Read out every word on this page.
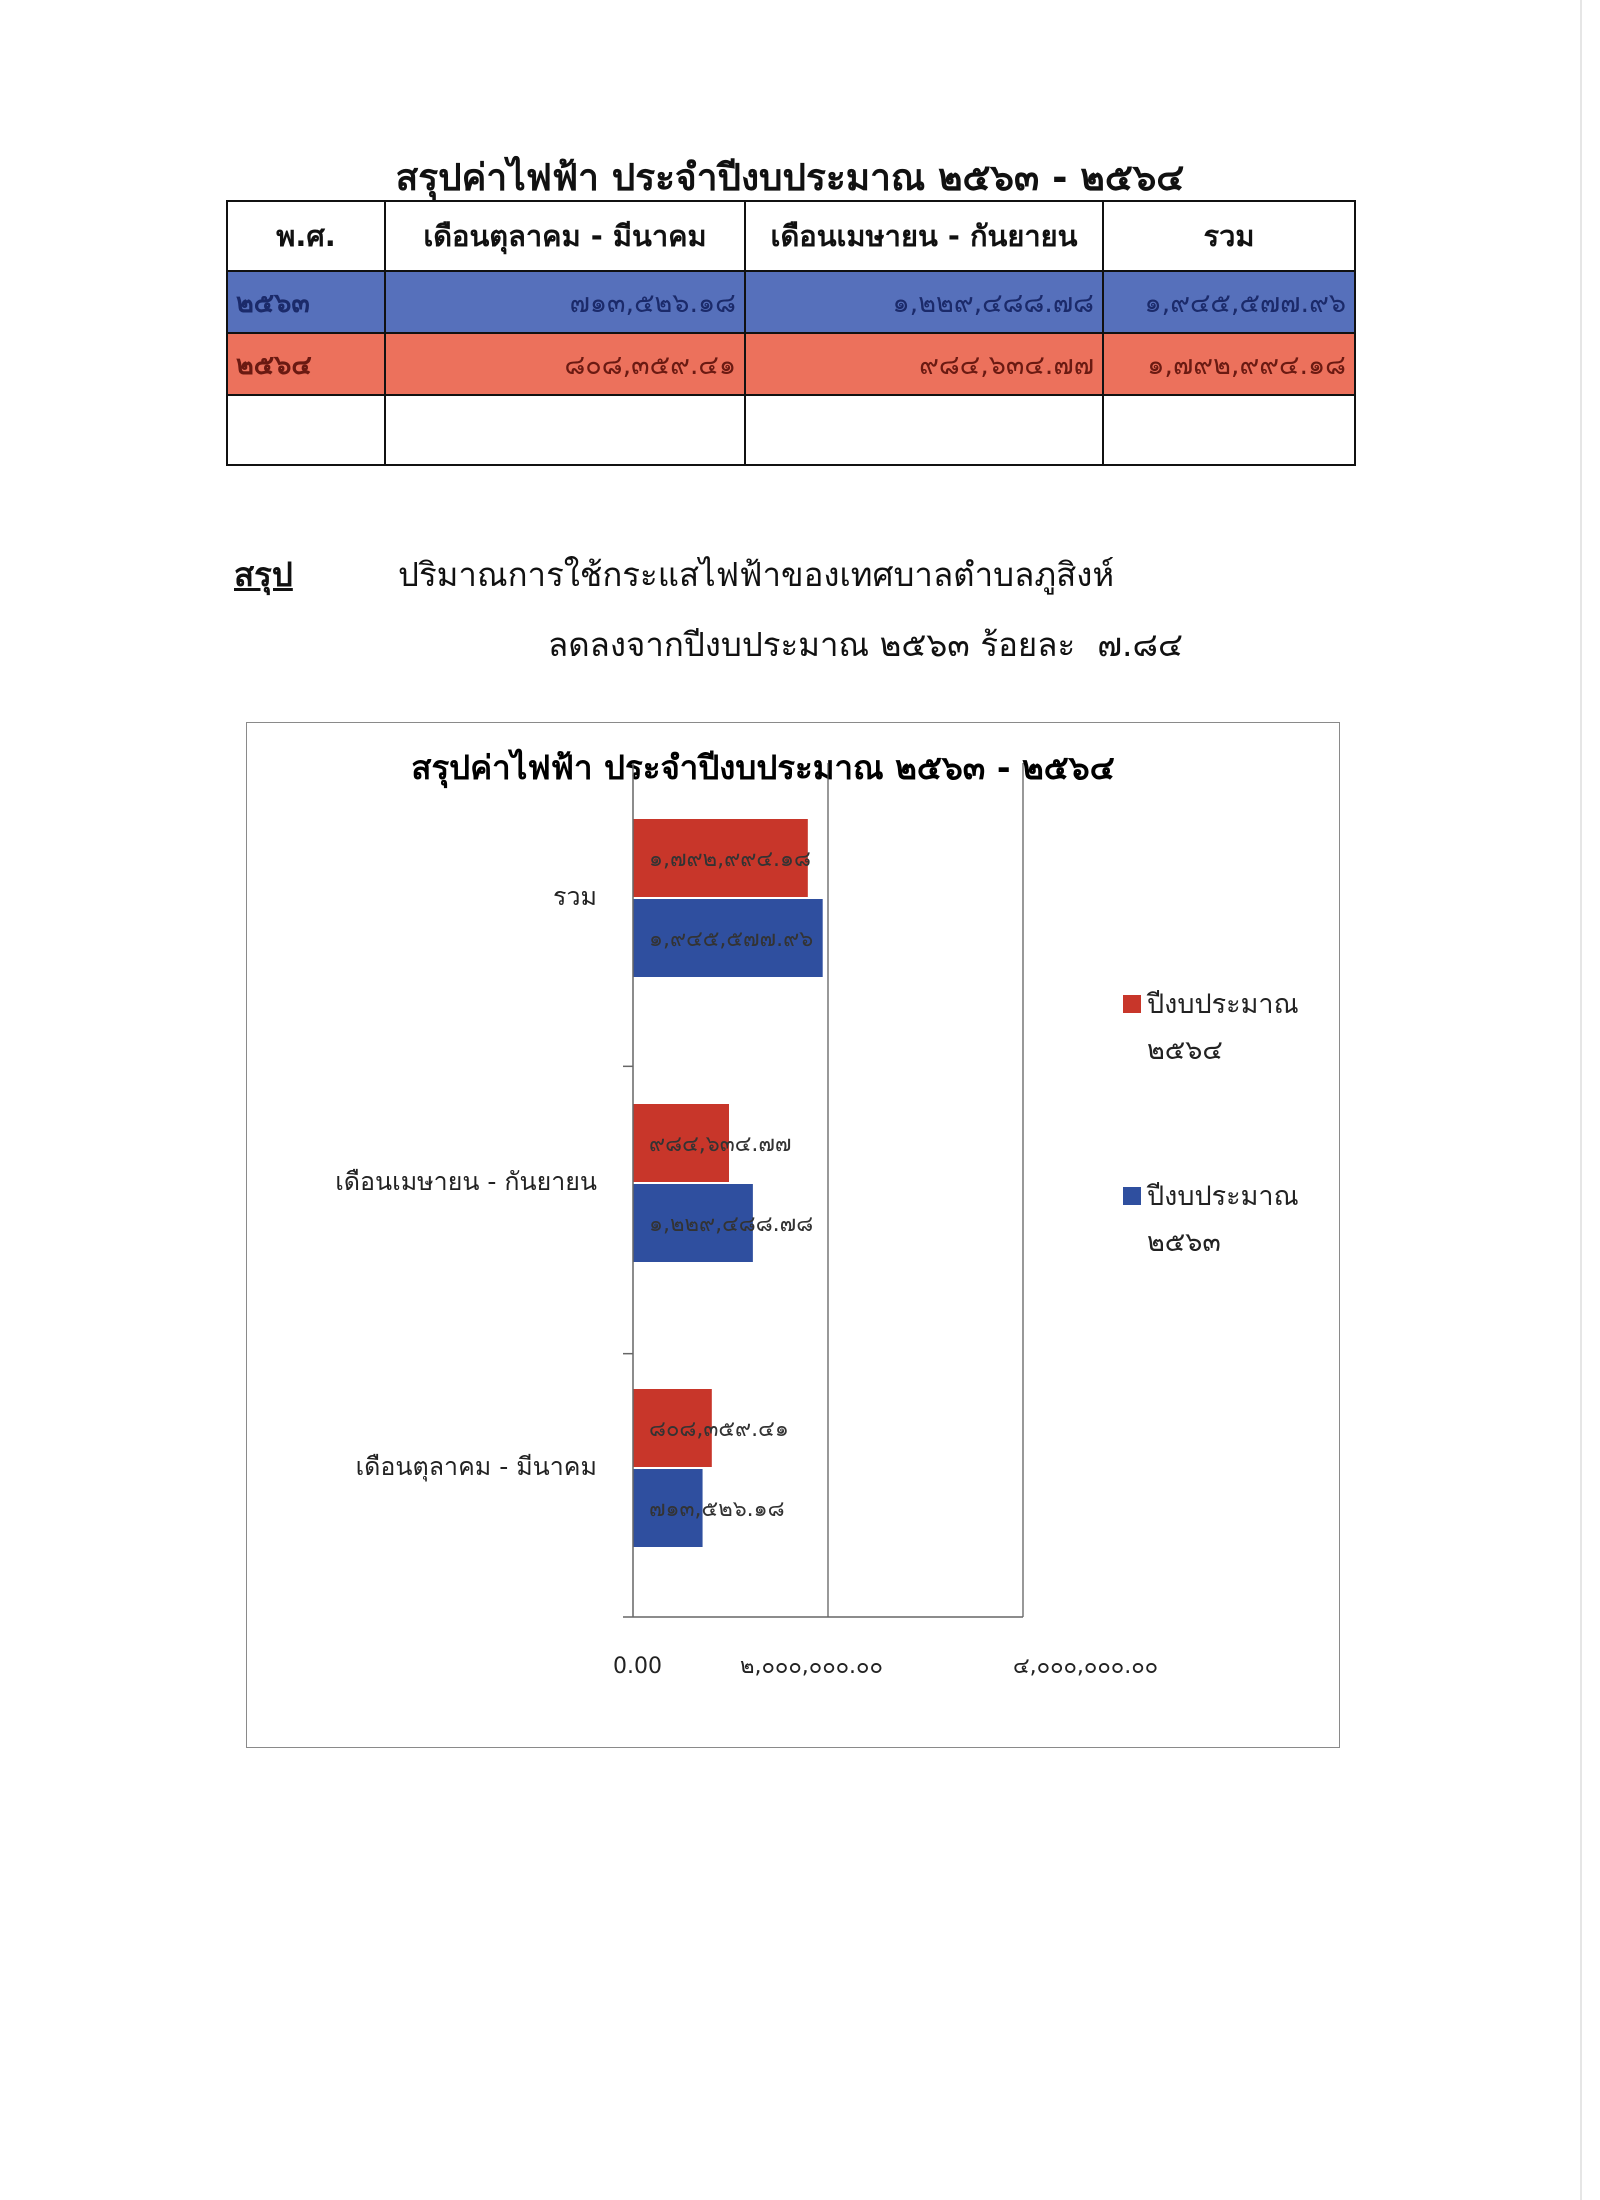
สรุปค่าไฟฟ้า ประจำปีงบประมาณ ๒๕๖๓ - ๒๕๖๔
พ.ศ.	เดือนตุลาคม - มีนาคม	เดือนเมษายน - กันยายน	รวม
๒๕๖๓	๗๑๓,๕๒๖.๑๘	๑,๒๒๙,๔๘๘.๗๘	๑,๙๔๕,๕๗๗.๙๖
๒๕๖๔	๘๐๘,๓๕๙.๔๑	๙๘๔,๖๓๔.๗๗	๑,๗๙๒,๙๙๔.๑๘

สรุป	ปริมาณการใช้กระแสไฟฟ้าของเทศบาลตำบลภูสิงห์
ลดลงจากปีงบประมาณ ๒๕๖๓ ร้อยละ ๗.๘๔
สรุปค่าไฟฟ้า ประจำปีงบประมาณ ๒๕๖๓ - ๒๕๖๔
๑,๗๙๒,๙๙๔.๑๘
๑,๙๔๕,๕๗๗.๙๖
๙๘๔,๖๓๔.๗๗
๑,๒๒๙,๔๘๘.๗๘
๘๐๘,๓๕๙.๔๑
๗๑๓,๕๒๖.๑๘
รวม
เดือนเมษายน - กันยายน
เดือนตุลาคม - มีนาคม
0.00	๒,๐๐๐,๐๐๐.๐๐	๔,๐๐๐,๐๐๐.๐๐
ปีงบประมาณ๒๕๖๔
ปีงบประมาณ๒๕๖๓
